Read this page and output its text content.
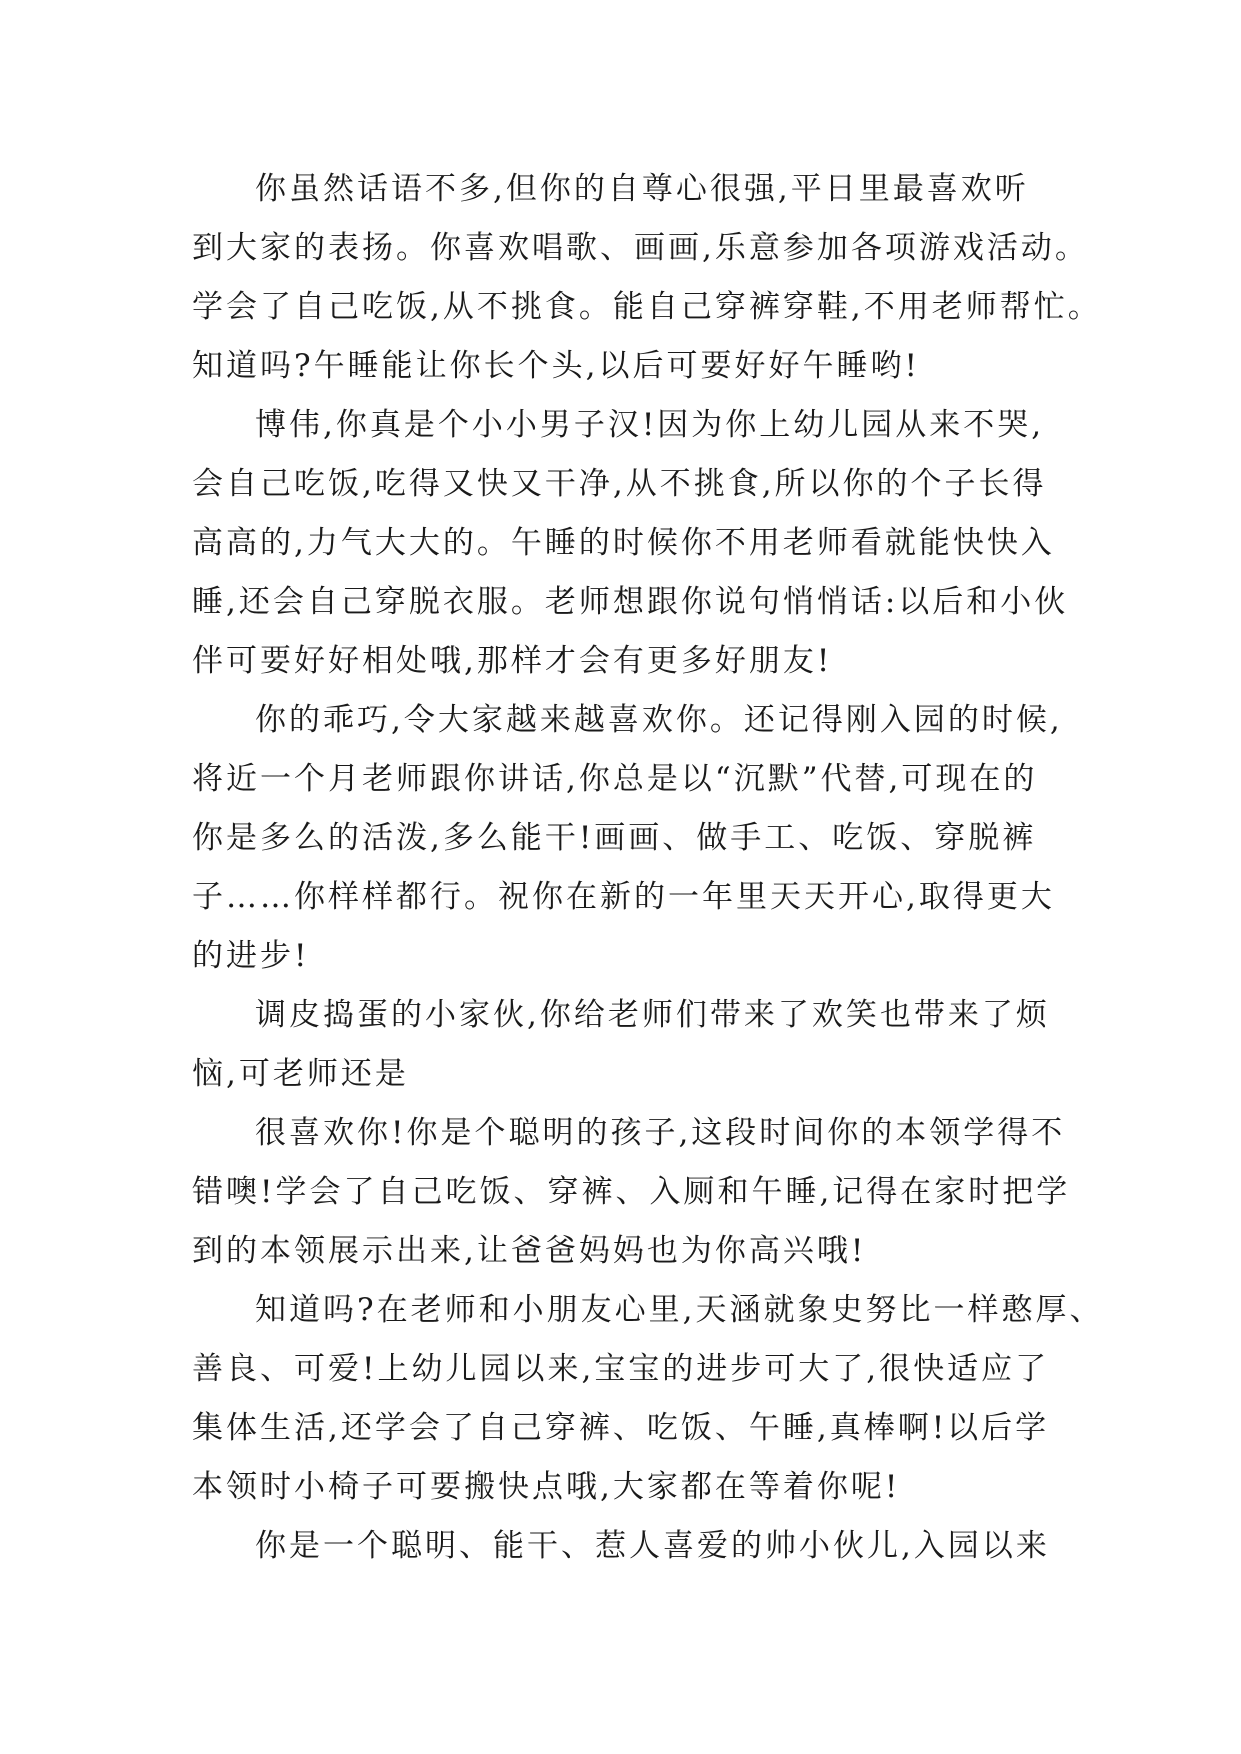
你虽然话语不多,但你的自尊心很强,平日里最喜欢听
到大家的表扬。你喜欢唱歌、画画,乐意参加各项游戏活动。
学会了自己吃饭,从不挑食。能自己穿裤穿鞋,不用老师帮忙。
知道吗?午睡能让你长个头,以后可要好好午睡哟!
博伟,你真是个小小男子汉!因为你上幼儿园从来不哭,
会自己吃饭,吃得又快又干净,从不挑食,所以你的个子长得
高高的,力气大大的。午睡的时候你不用老师看就能快快入
睡,还会自己穿脱衣服。老师想跟你说句悄悄话:以后和小伙
伴可要好好相处哦,那样才会有更多好朋友!
你的乖巧,令大家越来越喜欢你。还记得刚入园的时候,
将近一个月老师跟你讲话,你总是以“沉默”代替,可现在的
你是多么的活泼,多么能干!画画、做手工、吃饭、穿脱裤
子……你样样都行。祝你在新的一年里天天开心,取得更大
的进步!
调皮捣蛋的小家伙,你给老师们带来了欢笑也带来了烦
恼,可老师还是
很喜欢你!你是个聪明的孩子,这段时间你的本领学得不
错噢!学会了自己吃饭、穿裤、入厕和午睡,记得在家时把学
到的本领展示出来,让爸爸妈妈也为你高兴哦!
知道吗?在老师和小朋友心里,天涵就象史努比一样憨厚、
善良、可爱!上幼儿园以来,宝宝的进步可大了,很快适应了
集体生活,还学会了自己穿裤、吃饭、午睡,真棒啊!以后学
本领时小椅子可要搬快点哦,大家都在等着你呢!
你是一个聪明、能干、惹人喜爱的帅小伙儿,入园以来
